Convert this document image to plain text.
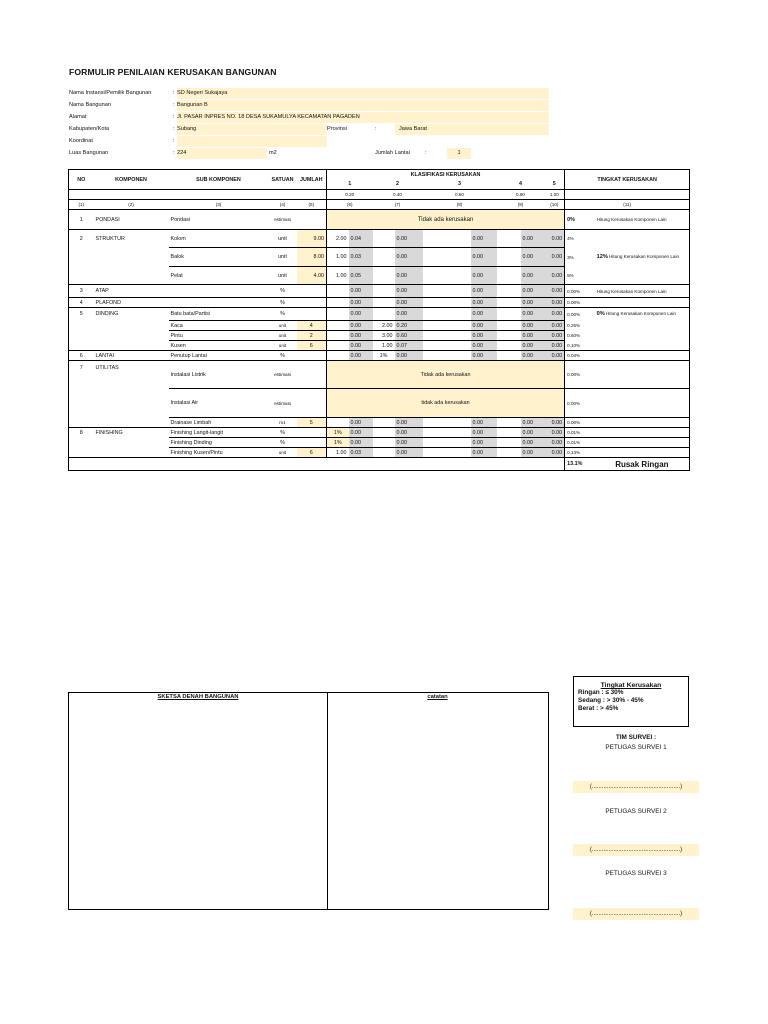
FORMULIR PENILAIAN KERUSAKAN BANGUNAN
Nama Instansi/Pemilik Bangunan	: SD Negeri Sukajaya
Nama Bangunan	: Bangunan B
Alamat	: Jl. PASAR INPRES NO. 18 DESA SUKAMULYA KECAMATAN PAGADEN
Kabupaten/Kota	: Subang	Provinsi	:	Jawa Barat
Koordinat	:
Luas Bangunan	: 224	m2	Jumlah Lantai	:	1
NO	KOMPONEN	SUB KOMPONEN	SATUAN	JUMLAH	KLASIFIKASI KERUSAKAN									TINGKAT KERUSAKAN	
					1		2		3		4		5		
					0.20		0.40		0.60		0.80		1.00		
(1)	(2)	(3)	(4)	(5)	(6)		(7)		(8)		(9)		(10)	(11)	
1	PONDASI	Pondasi	estimasi		Tidak ada kerusakan									0%	Hitung Kerusakan Komponen Lain
2	STRUKTUR	Kolom	unit	9.00	2.00	0.04		0.00		0.00		0.00	0.00	4%	
		Balok	unit	8.00	1.00	0.03		0.00		0.00		0.00	0.00	3%	12% Hitung Kerusakan Komponen Lain
		Pelat	unit	4.00	1.00	0.05		0.00		0.00		0.00	0.00	5%	
3	ATAP		%			0.00		0.00		0.00		0.00	0.00	0.00%	Hitung Kerusakan Komponen Lain
4	PLAFOND		%			0.00		0.00		0.00		0.00	0.00	0.00%	
5	DINDING	Batu bata/Partisi	%			0.00		0.00		0.00		0.00	0.00	0.00%	0% Hitung Kerusakan Komponen Lain
		Kaca	unit	4		0.00	2.00	0.20		0.00		0.00	0.00	0.25%	
		Pintu	unit	2		0.00	3.00	0.60		0.00		0.00	0.00	0.60%	
		Kusen	unit	6		0.00	1.00	0.07		0.00		0.00	0.00	0.10%	
6	LANTAI	Penutup Lantai	%			0.00	1%	0.00		0.00		0.00	0.00	0.04%	
7	UTILITAS	Instalasi Listrik	estimasi		Tidak ada kerusakan									0.00%	
		Instalasi Air	estimasi		tidak ada kerusakan									0.00%	
		Drainase Limbah	m1	5		0.00		0.00		0.00		0.00	0.00	0.00%	
8	FINISHING	Finishing Langit-langit	%		1%	0.00		0.00		0.00		0.00	0.00	0.01%	
		Finishing Dinding	%		1%	0.00		0.00		0.00		0.00	0.00	0.01%	
		Finishing Kusen/Pintu	unit	6	1.00	0.03		0.00		0.00		0.00	0.00	0.13%	
														13.1%	Rusak Ringan
SKETSA DENAH BANGUNAN	catatan
Tingkat Kerusakan
Ringan : ≤ 30%
Sedang : > 30% - 45%
Berat : > 45%
TIM SURVEI :
PETUGAS SURVEI 1
(.....................................................)
PETUGAS SURVEI 2
(.....................................................)
PETUGAS SURVEI 3
(.....................................................)
